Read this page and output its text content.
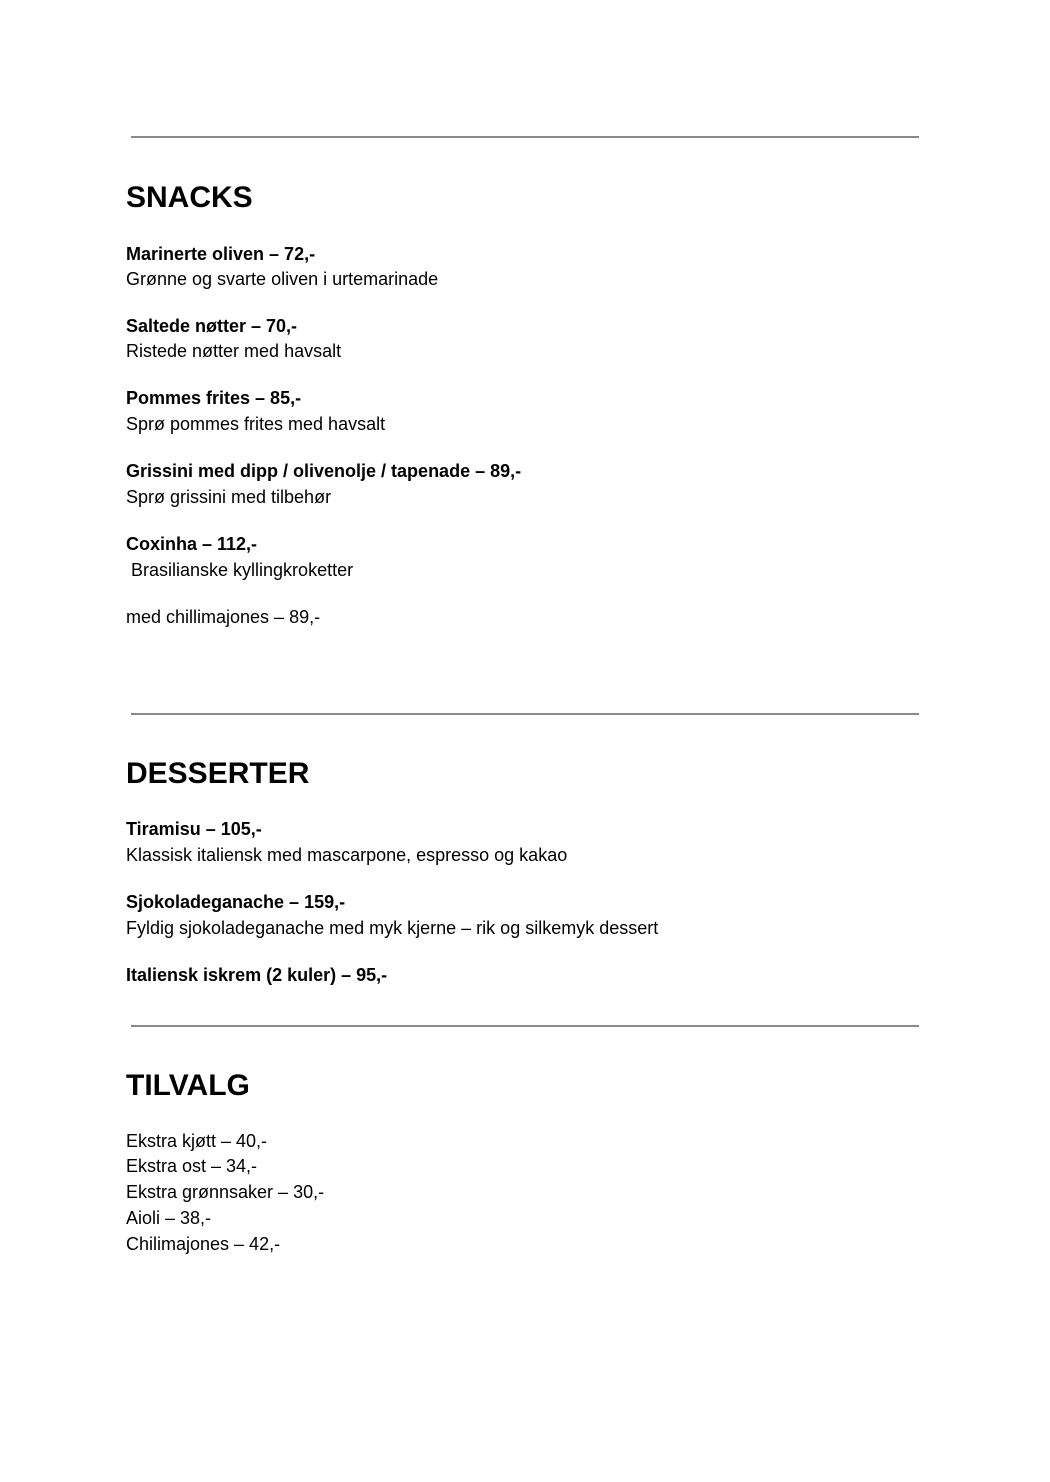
SNACKS
Marinerte oliven – 72,-
Grønne og svarte oliven i urtemarinade
Saltede nøtter – 70,-
Ristede nøtter med havsalt
Pommes frites – 85,-
Sprø pommes frites med havsalt
Grissini med dipp / olivenolje / tapenade – 89,-
Sprø grissini med tilbehør
Coxinha – 112,-
Brasilianske kyllingkroketter
med chillimajones – 89,-
DESSERTER
Tiramisu – 105,-
Klassisk italiensk med mascarpone, espresso og kakao
Sjokoladeganache – 159,-
Fyldig sjokoladeganache med myk kjerne – rik og silkemyk dessert
Italiensk iskrem (2 kuler) – 95,-
TILVALG
Ekstra kjøtt – 40,-
Ekstra ost – 34,-
Ekstra grønnsaker – 30,-
Aioli – 38,-
Chilimajones – 42,-
